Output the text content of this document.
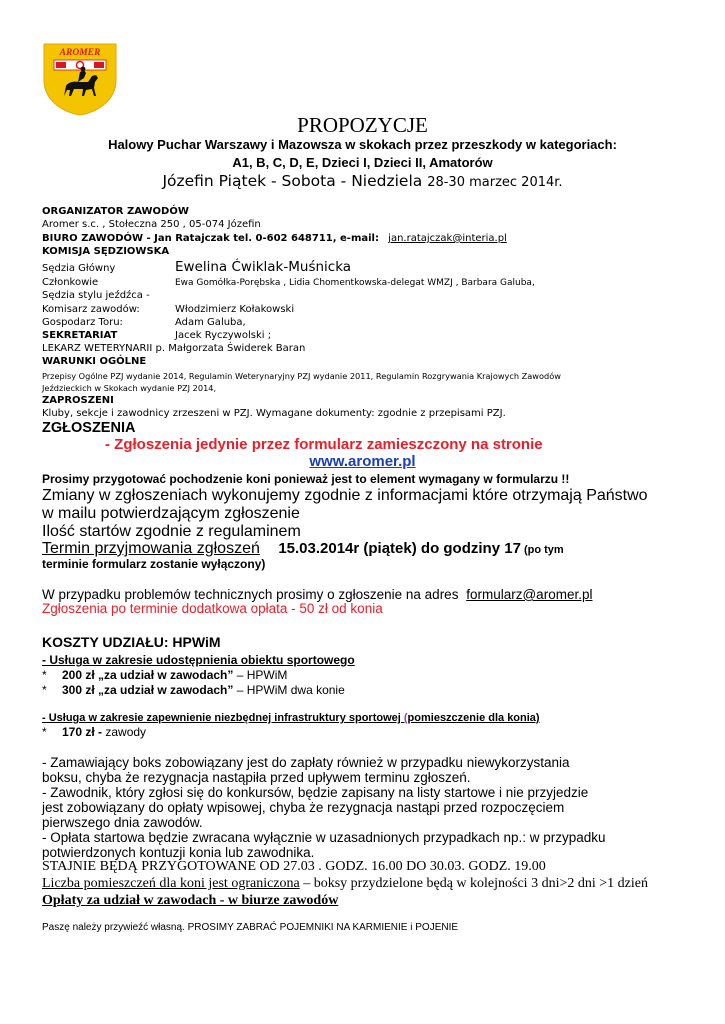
AROMER
PROPOZYCJE
Halowy Puchar Warszawy i Mazowsza w skokach przez przeszkody w kategoriach:
A1, B, C, D, E, Dzieci I, Dzieci II, Amatorów
Józefin Piątek - Sobota - Niedziela 28-30 marzec 2014r.
ORGANIZATOR ZAWODÓW
Aromer s.c. , Stołeczna 250 , 05-074 Józefin
BIURO ZAWODÓW - Jan Ratajczak tel. 0-602 648711, e-mail: jan.ratajczak@interia.pl
KOMISJA SĘDZIOWSKA
Sędzia Główny	Ewelina Ćwiklak-Muśnicka
Członkowie	Ewa Gomółka-Porębska , Lidia Chomentkowska-delegat WMZJ , Barbara Galuba,
Sędzia stylu jeźdźca -
Komisarz zawodów:	Włodzimierz Kołakowski
Gospodarz Toru:	Adam Galuba,
SEKRETARIAT	Jacek Ryczywolski ;
LEKARZ WETERYNARII p. Małgorzata Świderek Baran
WARUNKI OGÓLNE
Przepisy Ogólne PZJ wydanie 2014, Regulamin Weterynaryjny PZJ wydanie 2011, Regulamin Rozgrywania Krajowych Zawodów
Jeździeckich w Skokach wydanie PZJ 2014,
ZAPROSZENI
Kluby, sekcje i zawodnicy zrzeszeni w PZJ. Wymagane dokumenty: zgodnie z przepisami PZJ.
ZGŁOSZENIA
- Zgłoszenia jedynie przez formularz zamieszczony na stronie
www.aromer.pl
Prosimy przygotować pochodzenie koni ponieważ jest to element wymagany w formularzu !!
Zmiany w zgłoszeniach wykonujemy zgodnie z informacjami które otrzymają Państwo
w mailu potwierdzającym zgłoszenie
Ilość startów zgodnie z regulaminem
Termin przyjmowania zgłoszeń 15.03.2014r (piątek) do godziny 17 (po tym
terminie formularz zostanie wyłączony)
W przypadku problemów technicznych prosimy o zgłoszenie na adres formularz@aromer.pl
Zgłoszenia po terminie dodatkowa opłata - 50 zł od konia
KOSZTY UDZIAŁU: HPWiM
- Usługa w zakresie udostępnienia obiektu sportowego
* 200 zł „za udział w zawodach” – HPWiM
* 300 zł „za udział w zawodach” – HPWiM dwa konie
- Usługa w zakresie zapewnienie niezbędnej infrastruktury sportowej (pomieszczenie dla konia)
* 170 zł - zawody
- Zamawiający boks zobowiązany jest do zapłaty również w przypadku niewykorzystania
boksu, chyba że rezygnacja nastąpiła przed upływem terminu zgłoszeń.
- Zawodnik, który zgłosi się do konkursów, będzie zapisany na listy startowe i nie przyjedzie
jest zobowiązany do opłaty wpisowej, chyba że rezygnacja nastąpi przed rozpoczęciem
pierwszego dnia zawodów.
- Opłata startowa będzie zwracana wyłącznie w uzasadnionych przypadkach np.: w przypadku
potwierdzonych kontuzji konia lub zawodnika.
STAJNIE BĘDĄ PRZYGOTOWANE OD 27.03 . GODZ. 16.00 DO 30.03. GODZ. 19.00
Liczba pomieszczeń dla koni jest ograniczona – boksy przydzielone będą w kolejności 3 dni>2 dni >1 dzień
Opłaty za udział w zawodach - w biurze zawodów
Paszę należy przywieźć własną. PROSIMY ZABRAĆ POJEMNIKI NA KARMIENIE i POJENIE
